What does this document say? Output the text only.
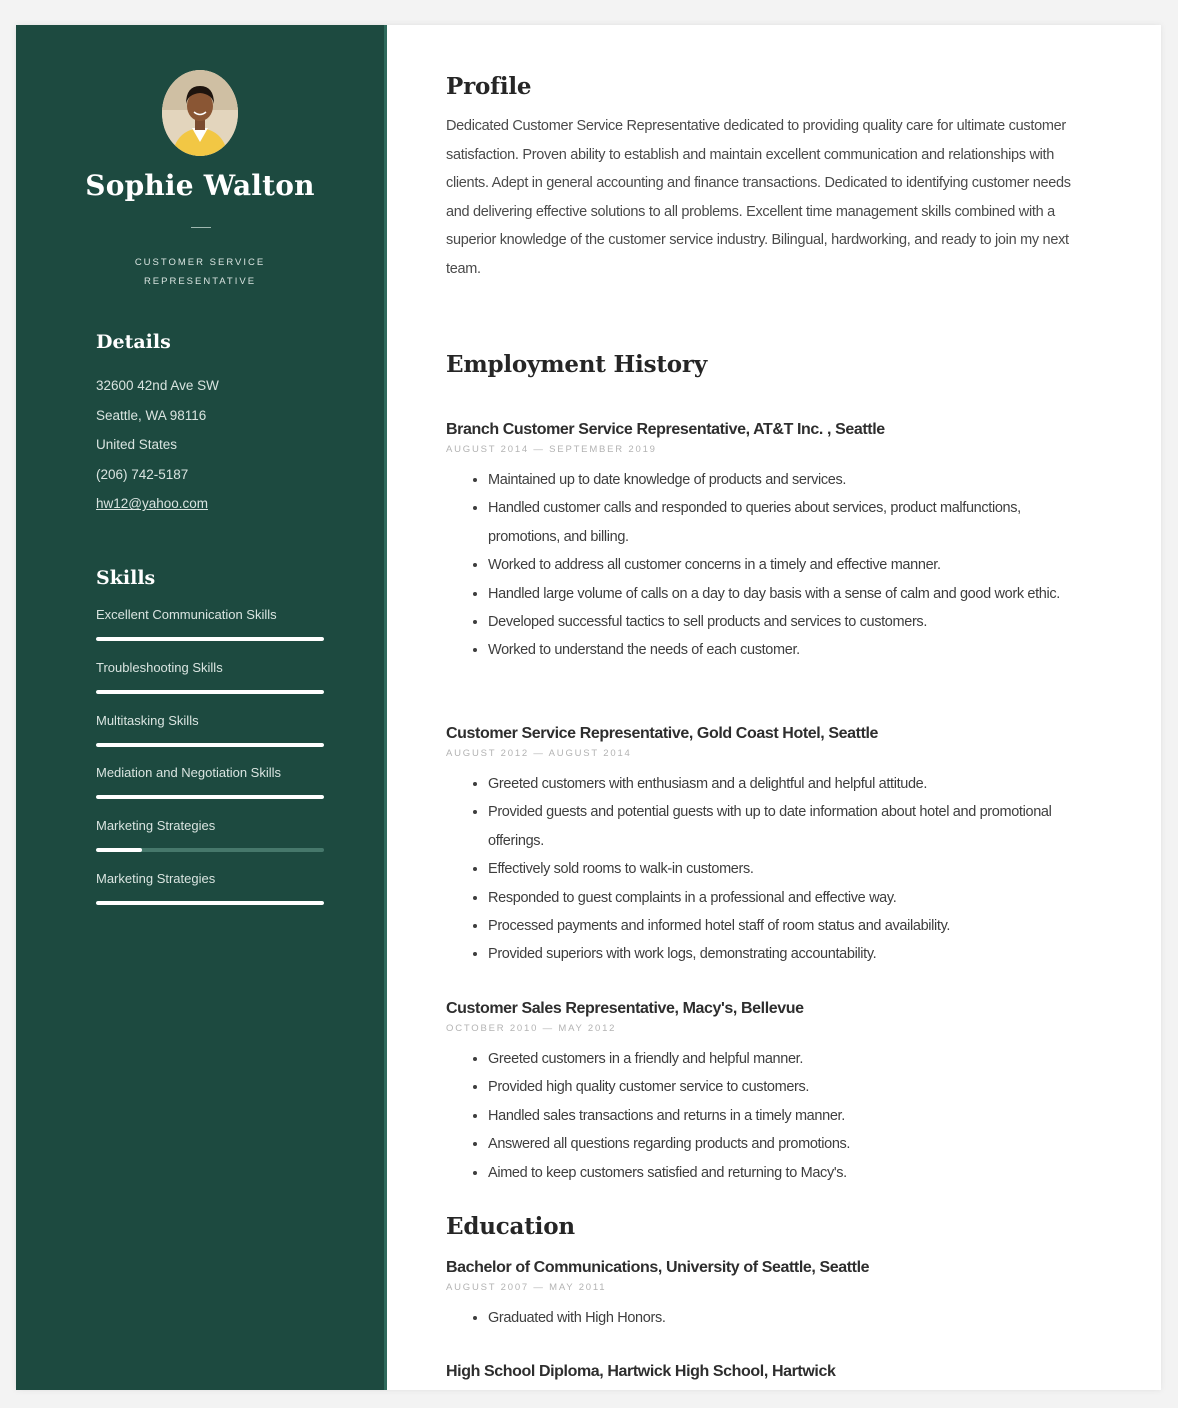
Sophie Walton
CUSTOMER SERVICE REPRESENTATIVE
Details
32600 42nd Ave SW
Seattle, WA 98116
United States
(206) 742-5187
hw12@yahoo.com
Skills
Excellent Communication Skills
Troubleshooting Skills
Multitasking Skills
Mediation and Negotiation Skills
Marketing Strategies
Marketing Strategies
Profile

Dedicated Customer Service Representative dedicated to providing quality care for ultimate customer satisfaction. Proven ability to establish and maintain excellent communication and relationships with clients. Adept in general accounting and finance transactions. Dedicated to identifying customer needs and delivering effective solutions to all problems. Excellent time management skills combined with a superior knowledge of the customer service industry. Bilingual, hardworking, and ready to join my next team.

Employment History
Branch Customer Service Representative, AT&T Inc. , Seattle
AUGUST 2014 — SEPTEMBER 2019
Maintained up to date knowledge of products and services.
Handled customer calls and responded to queries about services, product malfunctions, promotions, and billing.
Worked to address all customer concerns in a timely and effective manner.
Handled large volume of calls on a day to day basis with a sense of calm and good work ethic.
Developed successful tactics to sell products and services to customers.
Worked to understand the needs of each customer.
Customer Service Representative, Gold Coast Hotel, Seattle
AUGUST 2012 — AUGUST 2014
Greeted customers with enthusiasm and a delightful and helpful attitude.
Provided guests and potential guests with up to date information about hotel and promotional offerings.
Effectively sold rooms to walk-in customers.
Responded to guest complaints in a professional and effective way.
Processed payments and informed hotel staff of room status and availability.
Provided superiors with work logs, demonstrating accountability.
Customer Sales Representative, Macy's, Bellevue
OCTOBER 2010 — MAY 2012
Greeted customers in a friendly and helpful manner.
Provided high quality customer service to customers.
Handled sales transactions and returns in a timely manner.
Answered all questions regarding products and promotions.
Aimed to keep customers satisfied and returning to Macy's.
Education
Bachelor of Communications, University of Seattle, Seattle
AUGUST 2007 — MAY 2011
Graduated with High Honors.
High School Diploma, Hartwick High School, Hartwick
